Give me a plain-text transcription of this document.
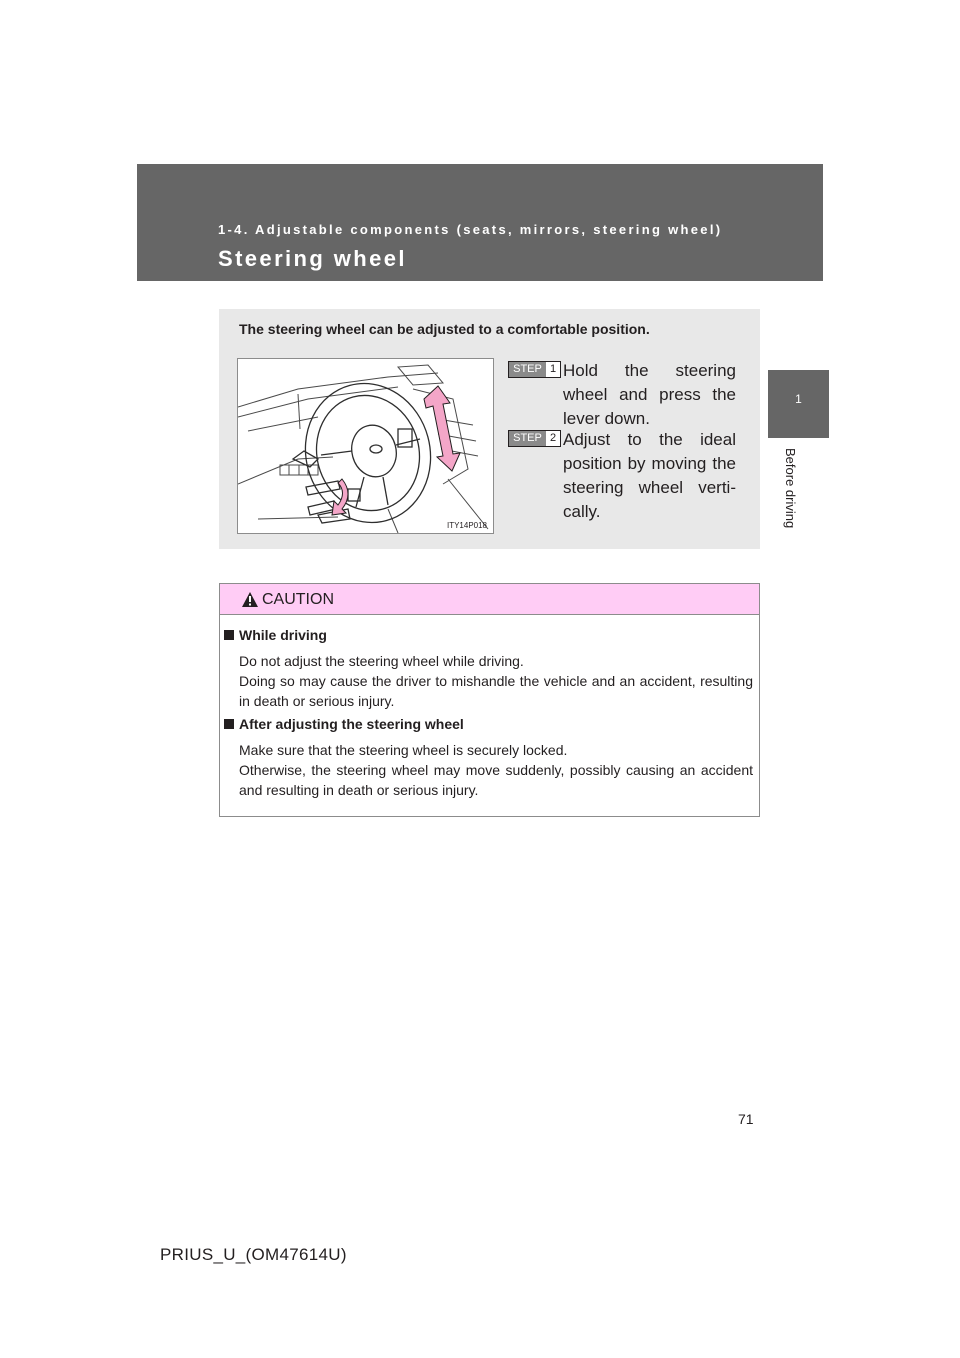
1-4. Adjustable components (seats, mirrors, steering wheel)
Steering wheel
1
Before driving
The steering wheel can be adjusted to a comfortable position.
ITY14P018
STEP 1 Hold the steering wheel and press the lever down.
STEP 2 Adjust to the ideal position by moving the steering wheel verti-cally.
CAUTION
While driving

Do not adjust the steering wheel while driving.

Doing so may cause the driver to mishandle the vehicle and an accident, resulting in death or serious injury.

After adjusting the steering wheel

Make sure that the steering wheel is securely locked.

Otherwise, the steering wheel may move suddenly, possibly causing an accident and resulting in death or serious injury.

71
PRIUS_U_(OM47614U)
